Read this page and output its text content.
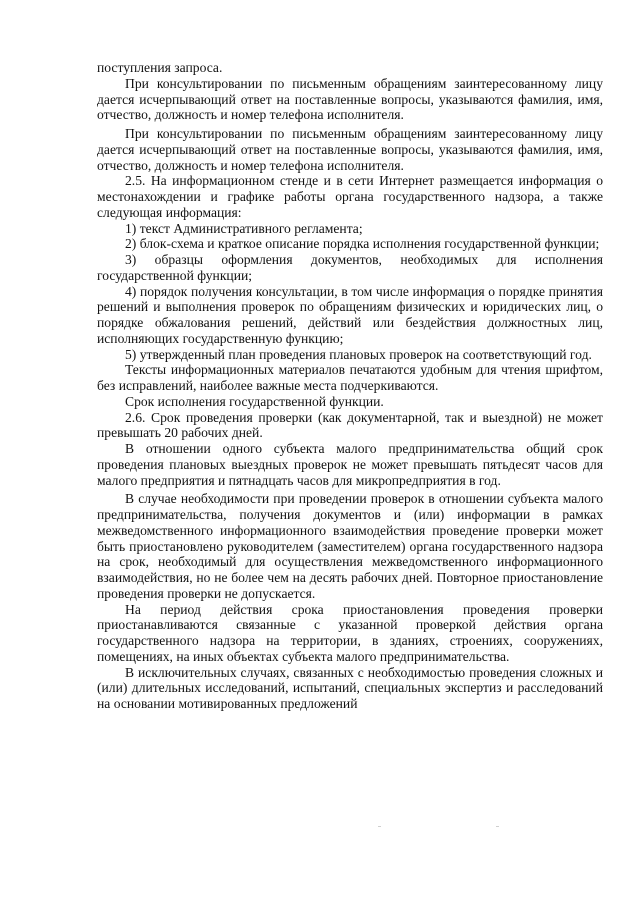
поступления запроса.

При консультировании по письменным обращениям заинтересованному лицу дается исчерпывающий ответ на поставленные вопросы, указываются фамилия, имя, отчество, должность и номер телефона исполнителя.

При консультировании по письменным обращениям заинтересованному лицу дается исчерпывающий ответ на поставленные вопросы, указываются фамилия, имя, отчество, должность и номер телефона исполнителя.

2.5. На информационном стенде и в сети Интернет размещается информация о местонахождении и графике работы органа государственного надзора, а также следующая информация:

1) текст Административного регламента;

2) блок-схема и краткое описание порядка исполнения государственной функции;

3) образцы оформления документов, необходимых для исполнения государственной функции;

4) порядок получения консультации, в том числе информация о порядке принятия решений и выполнения проверок по обращениям физических и юридических лиц, о порядке обжалования решений, действий или бездействия должностных лиц, исполняющих государственную функцию;

5) утвержденный план проведения плановых проверок на соответствующий год.

Тексты информационных материалов печатаются удобным для чтения шрифтом, без исправлений, наиболее важные места подчеркиваются.

Срок исполнения государственной функции.

2.6. Срок проведения проверки (как документарной, так и выездной) не может превышать 20 рабочих дней.

В отношении одного субъекта малого предпринимательства общий срок проведения плановых выездных проверок не может превышать пятьдесят часов для малого предприятия и пятнадцать часов для микропредприятия в год.

В случае необходимости при проведении проверок в отношении субъекта малого предпринимательства, получения документов и (или) информации в рамках межведомственного информационного взаимодействия проведение проверки может быть приостановлено руководителем (заместителем) органа государственного надзора на срок, необходимый для осуществления межведомственного информационного взаимодействия, но не более чем на десять рабочих дней. Повторное приостановление проведения проверки не допускается.

На период действия срока приостановления проведения проверки приостанавливаются связанные с указанной проверкой действия органа государственного надзора на территории, в зданиях, строениях, сооружениях, помещениях, на иных объектах субъекта малого предпринимательства.

В исключительных случаях, связанных с необходимостью проведения сложных и (или) длительных исследований, испытаний, специальных экспертиз и расследований на основании мотивированных предложений
